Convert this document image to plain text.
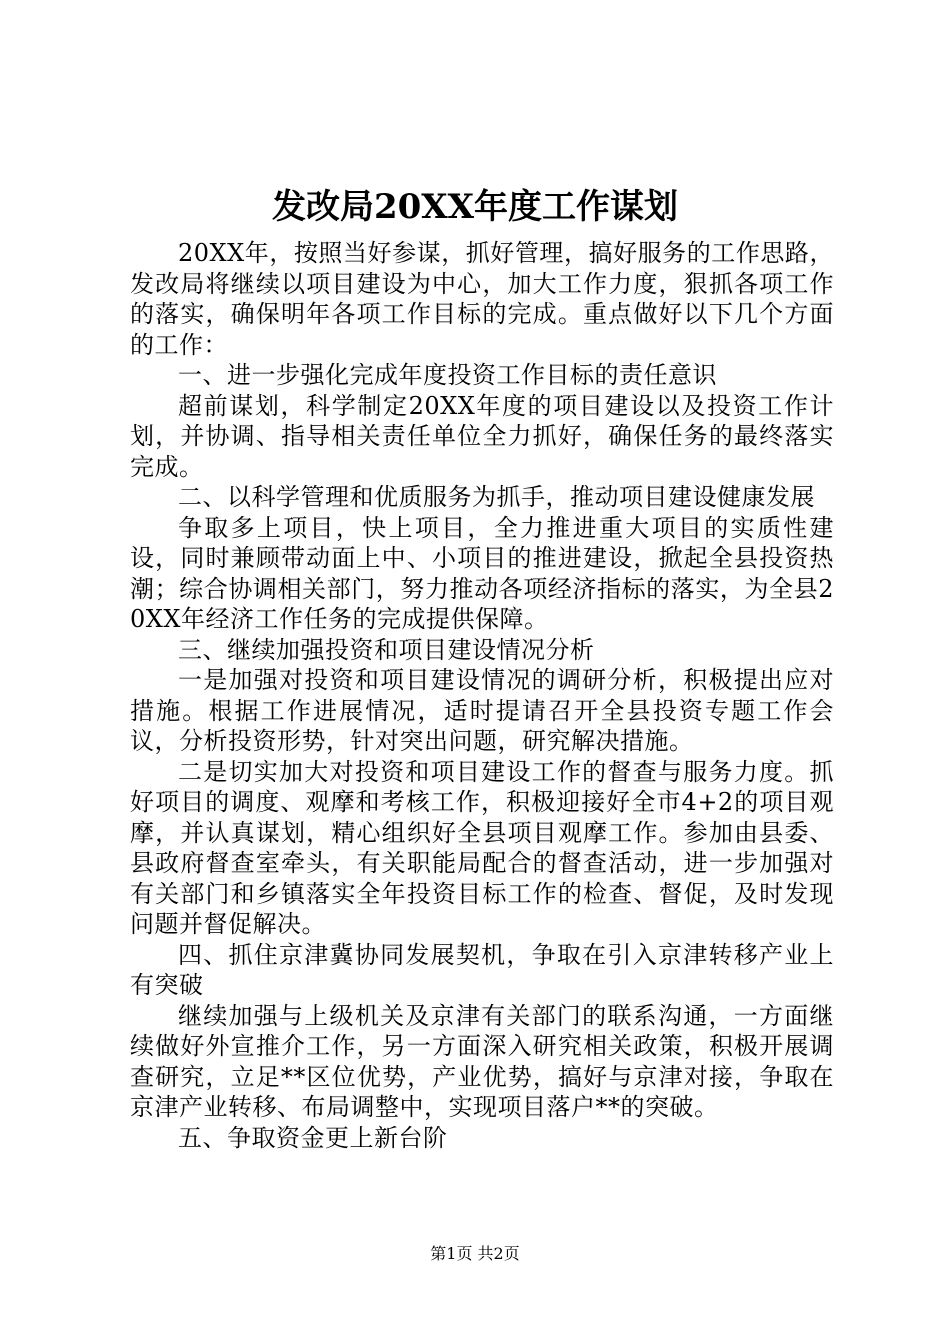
发改局20XX年度工作谋划

20XX年，按照当好参谋，抓好管理，搞好服务的工作思路，发改局将继续以项目建设为中心，加大工作力度，狠抓各项工作的落实，确保明年各项工作目标的完成。重点做好以下几个方面的工作：

一、进一步强化完成年度投资工作目标的责任意识

超前谋划，科学制定20XX年度的项目建设以及投资工作计划，并协调、指导相关责任单位全力抓好，确保任务的最终落实完成。

二、以科学管理和优质服务为抓手，推动项目建设健康发展

争取多上项目，快上项目，全力推进重大项目的实质性建设，同时兼顾带动面上中、小项目的推进建设，掀起全县投资热潮；综合协调相关部门，努力推动各项经济指标的落实，为全县20XX年经济工作任务的完成提供保障。

三、继续加强投资和项目建设情况分析

一是加强对投资和项目建设情况的调研分析，积极提出应对措施。根据工作进展情况，适时提请召开全县投资专题工作会议，分析投资形势，针对突出问题，研究解决措施。

二是切实加大对投资和项目建设工作的督查与服务力度。抓好项目的调度、观摩和考核工作，积极迎接好全市4+2的项目观摩，并认真谋划，精心组织好全县项目观摩工作。参加由县委、县政府督查室牵头，有关职能局配合的督查活动，进一步加强对有关部门和乡镇落实全年投资目标工作的检查、督促，及时发现问题并督促解决。

四、抓住京津冀协同发展契机，争取在引入京津转移产业上有突破

继续加强与上级机关及京津有关部门的联系沟通，一方面继续做好外宣推介工作，另一方面深入研究相关政策，积极开展调查研究，立足**区位优势，产业优势，搞好与京津对接，争取在京津产业转移、布局调整中，实现项目落户**的突破。

五、争取资金更上新台阶

第1页 共2页
